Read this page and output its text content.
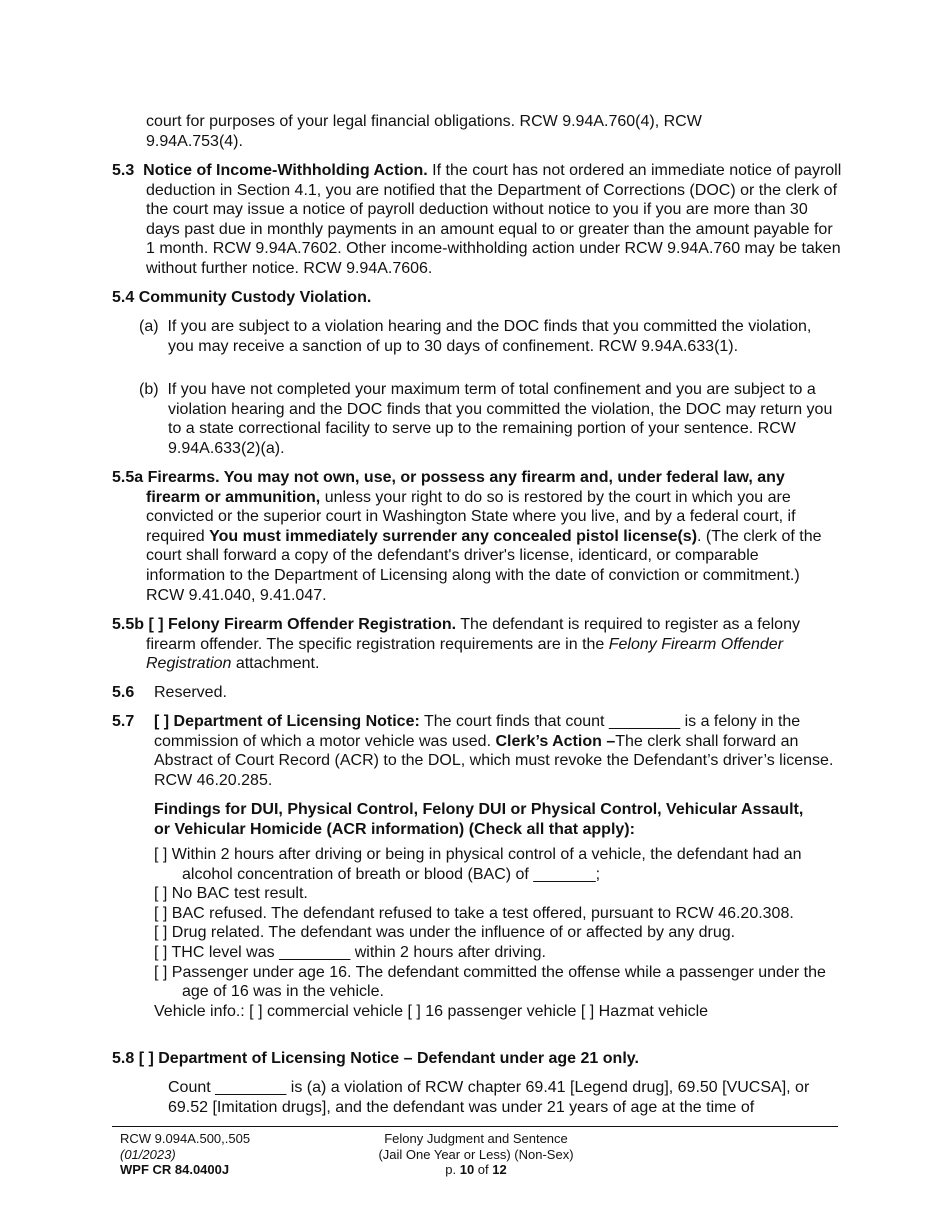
court for purposes of your legal financial obligations. RCW 9.94A.760(4), RCW 9.94A.753(4).

5.3 Notice of Income-Withholding Action. If the court has not ordered an immediate notice of payroll deduction in Section 4.1, you are notified that the Department of Corrections (DOC) or the clerk of the court may issue a notice of payroll deduction without notice to you if you are more than 30 days past due in monthly payments in an amount equal to or greater than the amount payable for 1 month. RCW 9.94A.7602. Other income-withholding action under RCW 9.94A.760 may be taken without further notice. RCW 9.94A.7606.

5.4 Community Custody Violation.

(a) If you are subject to a violation hearing and the DOC finds that you committed the violation, you may receive a sanction of up to 30 days of confinement. RCW 9.94A.633(1).

(b) If you have not completed your maximum term of total confinement and you are subject to a violation hearing and the DOC finds that you committed the violation, the DOC may return you to a state correctional facility to serve up to the remaining portion of your sentence. RCW 9.94A.633(2)(a).

5.5a Firearms. You may not own, use, or possess any firearm and, under federal law, any firearm or ammunition, unless your right to do so is restored by the court in which you are convicted or the superior court in Washington State where you live, and by a federal court, if required You must immediately surrender any concealed pistol license(s). (The clerk of the court shall forward a copy of the defendant's driver's license, identicard, or comparable information to the Department of Licensing along with the date of conviction or commitment.) RCW 9.41.040, 9.41.047.

5.5b [ ] Felony Firearm Offender Registration. The defendant is required to register as a felony firearm offender. The specific registration requirements are in the Felony Firearm Offender Registration attachment.

5.6 Reserved.

5.7 [ ] Department of Licensing Notice: The court finds that count ________ is a felony in the commission of which a motor vehicle was used. Clerk’s Action –The clerk shall forward an Abstract of Court Record (ACR) to the DOL, which must revoke the Defendant’s driver’s license. RCW 46.20.285.

Findings for DUI, Physical Control, Felony DUI or Physical Control, Vehicular Assault, or Vehicular Homicide (ACR information) (Check all that apply):

[ ] Within 2 hours after driving or being in physical control of a vehicle, the defendant had an alcohol concentration of breath or blood (BAC) of _______;

[ ] No BAC test result.

[ ] BAC refused. The defendant refused to take a test offered, pursuant to RCW 46.20.308.

[ ] Drug related. The defendant was under the influence of or affected by any drug.

[ ] THC level was ________ within 2 hours after driving.

[ ] Passenger under age 16. The defendant committed the offense while a passenger under the age of 16 was in the vehicle.

Vehicle info.: [ ] commercial vehicle [ ] 16 passenger vehicle [ ] Hazmat vehicle

5.8 [ ] Department of Licensing Notice – Defendant under age 21 only.

Count ________ is (a) a violation of RCW chapter 69.41 [Legend drug], 69.50 [VUCSA], or 69.52 [Imitation drugs], and the defendant was under 21 years of age at the time of

RCW 9.094A.500,.505
(01/2023)
WPF CR 84.0400J
Felony Judgment and Sentence
(Jail One Year or Less) (Non-Sex)
p. 10 of 12
